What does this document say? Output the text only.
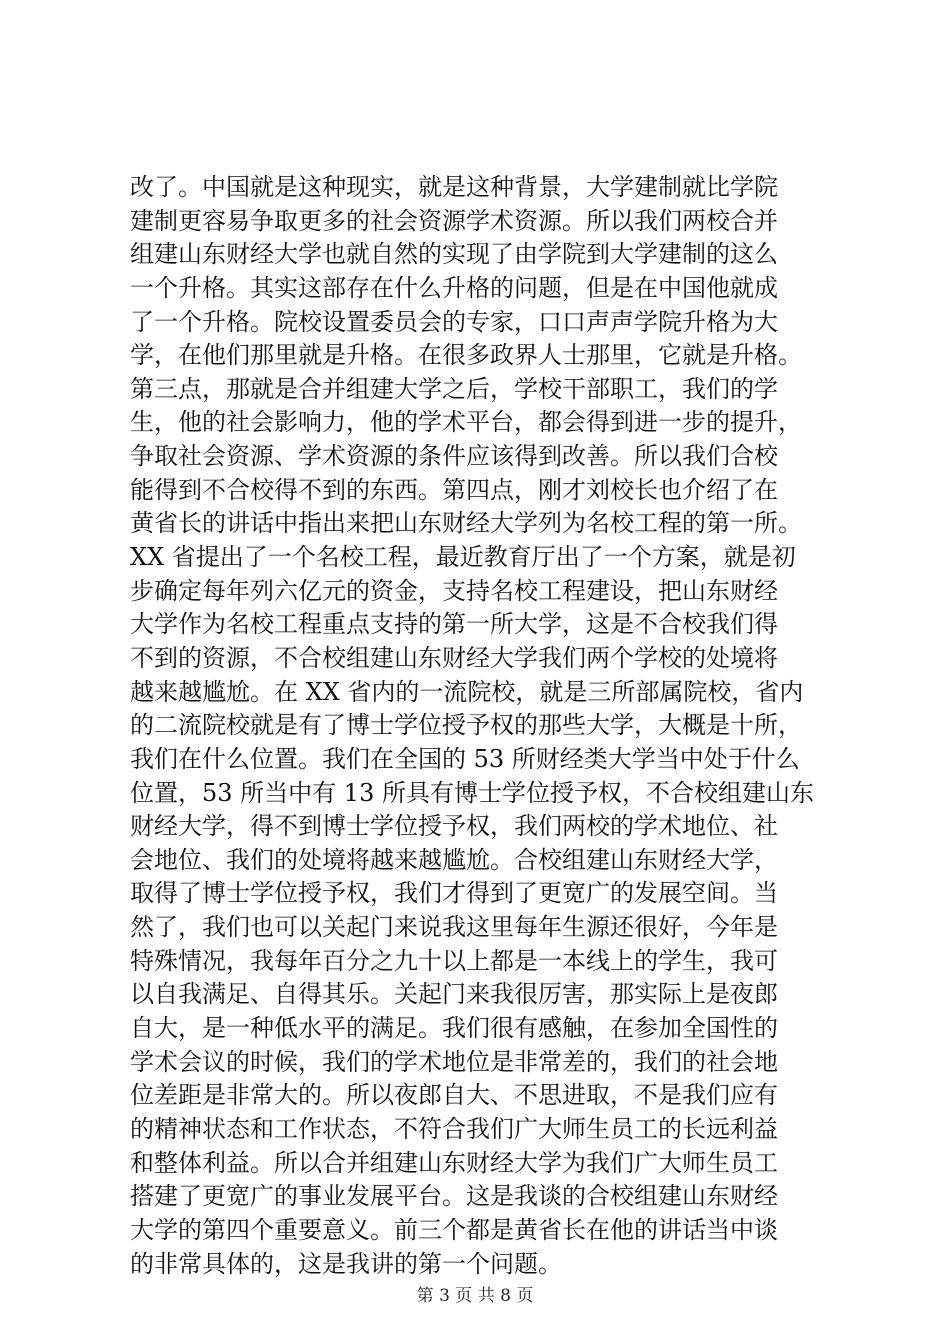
改了。中国就是这种现实，就是这种背景，大学建制就比学院
建制更容易争取更多的社会资源学术资源。所以我们两校合并
组建山东财经大学也就自然的实现了由学院到大学建制的这么
一个升格。其实这部存在什么升格的问题，但是在中国他就成
了一个升格。院校设置委员会的专家，口口声声学院升格为大
学，在他们那里就是升格。在很多政界人士那里，它就是升格。
第三点，那就是合并组建大学之后，学校干部职工，我们的学
生，他的社会影响力，他的学术平台，都会得到进一步的提升，
争取社会资源、学术资源的条件应该得到改善。所以我们合校
能得到不合校得不到的东西。第四点，刚才刘校长也介绍了在
黄省长的讲话中指出来把山东财经大学列为名校工程的第一所。
XX 省提出了一个名校工程，最近教育厅出了一个方案，就是初
步确定每年列六亿元的资金，支持名校工程建设，把山东财经
大学作为名校工程重点支持的第一所大学，这是不合校我们得
不到的资源，不合校组建山东财经大学我们两个学校的处境将
越来越尴尬。在 XX 省内的一流院校，就是三所部属院校，省内
的二流院校就是有了博士学位授予权的那些大学，大概是十所，
我们在什么位置。我们在全国的 53 所财经类大学当中处于什么
位置，53 所当中有 13 所具有博士学位授予权，不合校组建山东
财经大学，得不到博士学位授予权，我们两校的学术地位、社
会地位、我们的处境将越来越尴尬。合校组建山东财经大学，
取得了博士学位授予权，我们才得到了更宽广的发展空间。当
然了，我们也可以关起门来说我这里每年生源还很好，今年是
特殊情况，我每年百分之九十以上都是一本线上的学生，我可
以自我满足、自得其乐。关起门来我很厉害，那实际上是夜郎
自大，是一种低水平的满足。我们很有感触，在参加全国性的
学术会议的时候，我们的学术地位是非常差的，我们的社会地
位差距是非常大的。所以夜郎自大、不思进取，不是我们应有
的精神状态和工作状态，不符合我们广大师生员工的长远利益
和整体利益。所以合并组建山东财经大学为我们广大师生员工
搭建了更宽广的事业发展平台。这是我谈的合校组建山东财经
大学的第四个重要意义。前三个都是黄省长在他的讲话当中谈
的非常具体的，这是我讲的第一个问题。
第 3 页 共 8 页
